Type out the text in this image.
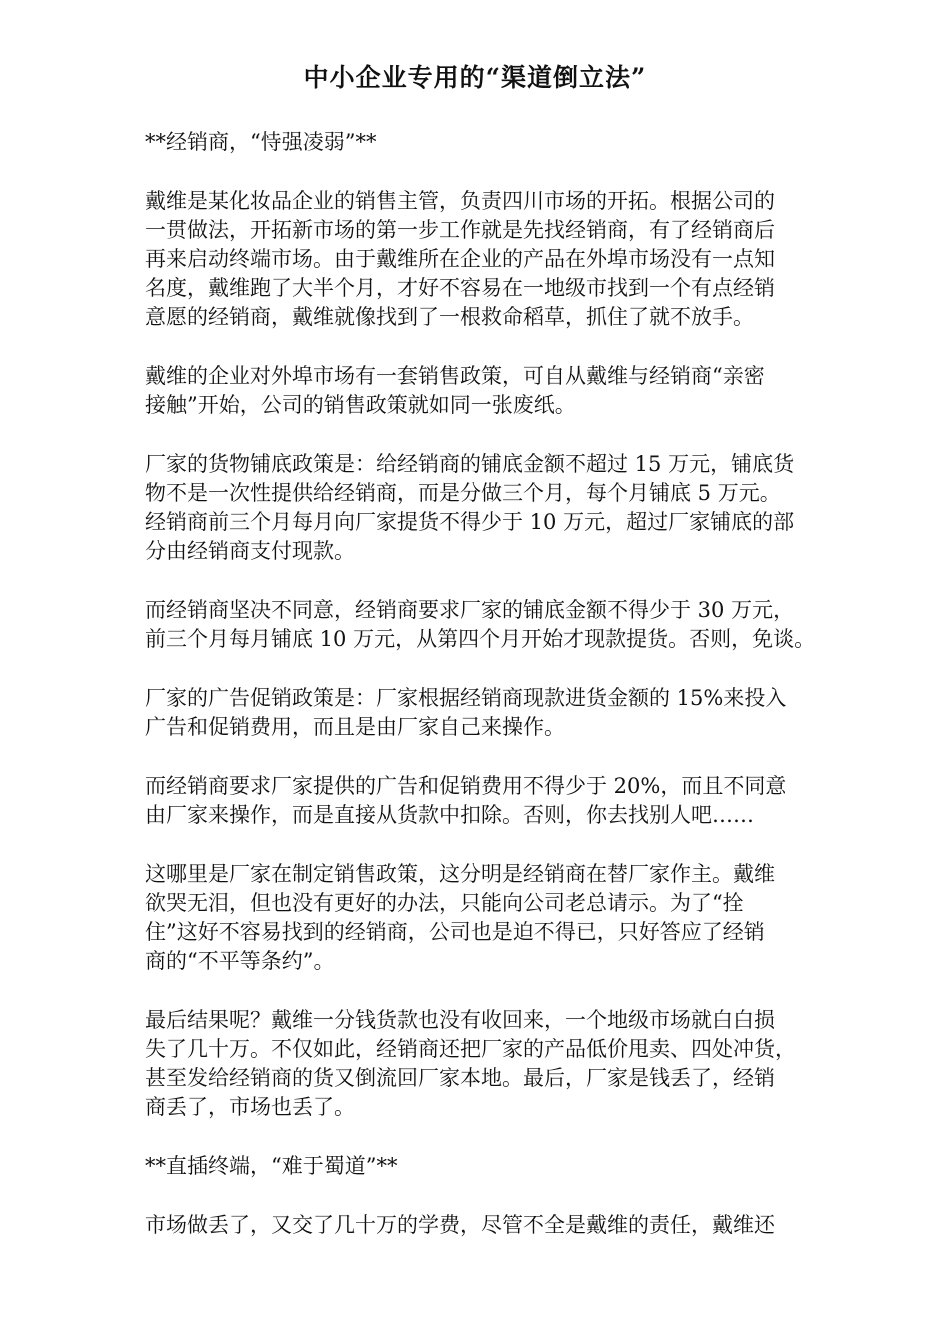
中小企业专用的“渠道倒立法”

**经销商，“恃强凌弱”**

戴维是某化妆品企业的销售主管，负责四川市场的开拓。根据公司的
一贯做法，开拓新市场的第一步工作就是先找经销商，有了经销商后
再来启动终端市场。由于戴维所在企业的产品在外埠市场没有一点知
名度，戴维跑了大半个月，才好不容易在一地级市找到一个有点经销
意愿的经销商，戴维就像找到了一根救命稻草，抓住了就不放手。

戴维的企业对外埠市场有一套销售政策，可自从戴维与经销商“亲密
接触”开始，公司的销售政策就如同一张废纸。

厂家的货物铺底政策是：给经销商的铺底金额不超过 15 万元，铺底货
物不是一次性提供给经销商，而是分做三个月，每个月铺底 5 万元。
经销商前三个月每月向厂家提货不得少于 10 万元，超过厂家铺底的部
分由经销商支付现款。

而经销商坚决不同意，经销商要求厂家的铺底金额不得少于 30 万元，
前三个月每月铺底 10 万元，从第四个月开始才现款提货。否则，免谈。

厂家的广告促销政策是：厂家根据经销商现款进货金额的 15%来投入
广告和促销费用，而且是由厂家自己来操作。

而经销商要求厂家提供的广告和促销费用不得少于 20%，而且不同意
由厂家来操作，而是直接从货款中扣除。否则，你去找别人吧……

这哪里是厂家在制定销售政策，这分明是经销商在替厂家作主。戴维
欲哭无泪，但也没有更好的办法，只能向公司老总请示。为了“拴
住”这好不容易找到的经销商，公司也是迫不得已，只好答应了经销
商的“不平等条约”。

最后结果呢？戴维一分钱货款也没有收回来，一个地级市场就白白损
失了几十万。不仅如此，经销商还把厂家的产品低价甩卖、四处冲货，
甚至发给经销商的货又倒流回厂家本地。最后，厂家是钱丢了，经销
商丢了，市场也丢了。

**直插终端，“难于蜀道”**

市场做丢了，又交了几十万的学费，尽管不全是戴维的责任，戴维还
